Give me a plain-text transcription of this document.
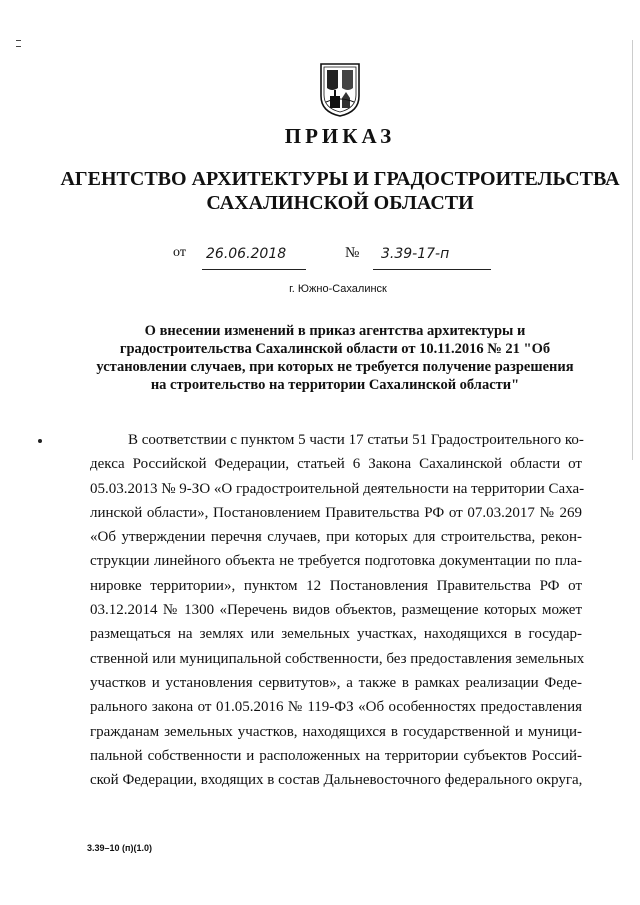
ПРИКАЗ
АГЕНТСТВО АРХИТЕКТУРЫ И ГРАДОСТРОИТЕЛЬСТВА
САХАЛИНСКОЙ ОБЛАСТИ
от 26.06.2018	№	3.39-17-п
г. Южно-Сахалинск
О внесении изменений в приказ агентства архитектуры и
градостроительства Сахалинской области от 10.11.2016 № 21 "Об
установлении случаев, при которых не требуется получение разрешения
на строительство на территории Сахалинской области"
В соответствии с пунктом 5 части 17 статьи 51 Градостроительного ко-
декса Российской Федерации, статьей 6 Закона Сахалинской области от
05.03.2013 № 9-ЗО «О градостроительной деятельности на территории Саха-
линской области», Постановлением Правительства РФ от 07.03.2017 № 269
«Об утверждении перечня случаев, при которых для строительства, рекон-
струкции линейного объекта не требуется подготовка документации по пла-
нировке территории», пунктом 12 Постановления Правительства РФ от
03.12.2014 № 1300 «Перечень видов объектов, размещение которых может
размещаться на землях или земельных участках, находящихся в государ-
ственной или муниципальной собственности, без предоставления земельных
участков и установления сервитутов», а также в рамках реализации Феде-
рального закона от 01.05.2016 № 119-ФЗ «Об особенностях предоставления
гражданам земельных участков, находящихся в государственной и муници-
пальной собственности и расположенных на территории субъектов Россий-
ской Федерации, входящих в состав Дальневосточного федерального округа,
3.39–10 (п)(1.0)
